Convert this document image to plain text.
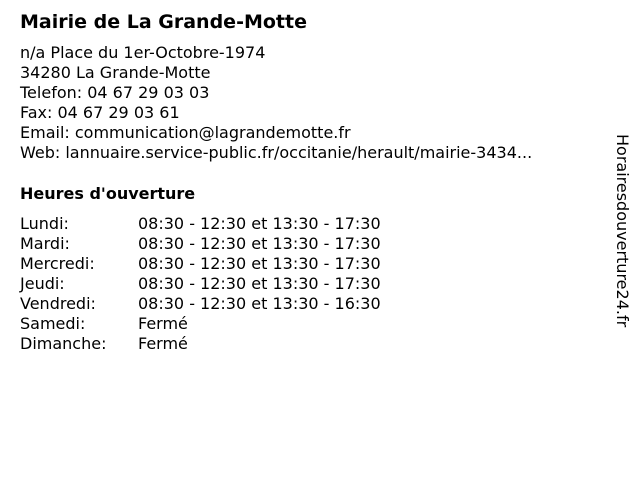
Mairie de La Grande-Motte
n/a Place du 1er-Octobre-1974
34280 La Grande-Motte
Telefon: 04 67 29 03 03
Fax: 04 67 29 03 61
Email: communication@lagrandemotte.fr
Web: lannuaire.service-public.fr/occitanie/herault/mairie-3434...
Heures d'ouverture
Lundi:	08:30 - 12:30 et 13:30 - 17:30
Mardi:	08:30 - 12:30 et 13:30 - 17:30
Mercredi:	08:30 - 12:30 et 13:30 - 17:30
Jeudi:	08:30 - 12:30 et 13:30 - 17:30
Vendredi:	08:30 - 12:30 et 13:30 - 16:30
Samedi:	Fermé
Dimanche:	Fermé
Horairesdouverture24.fr
